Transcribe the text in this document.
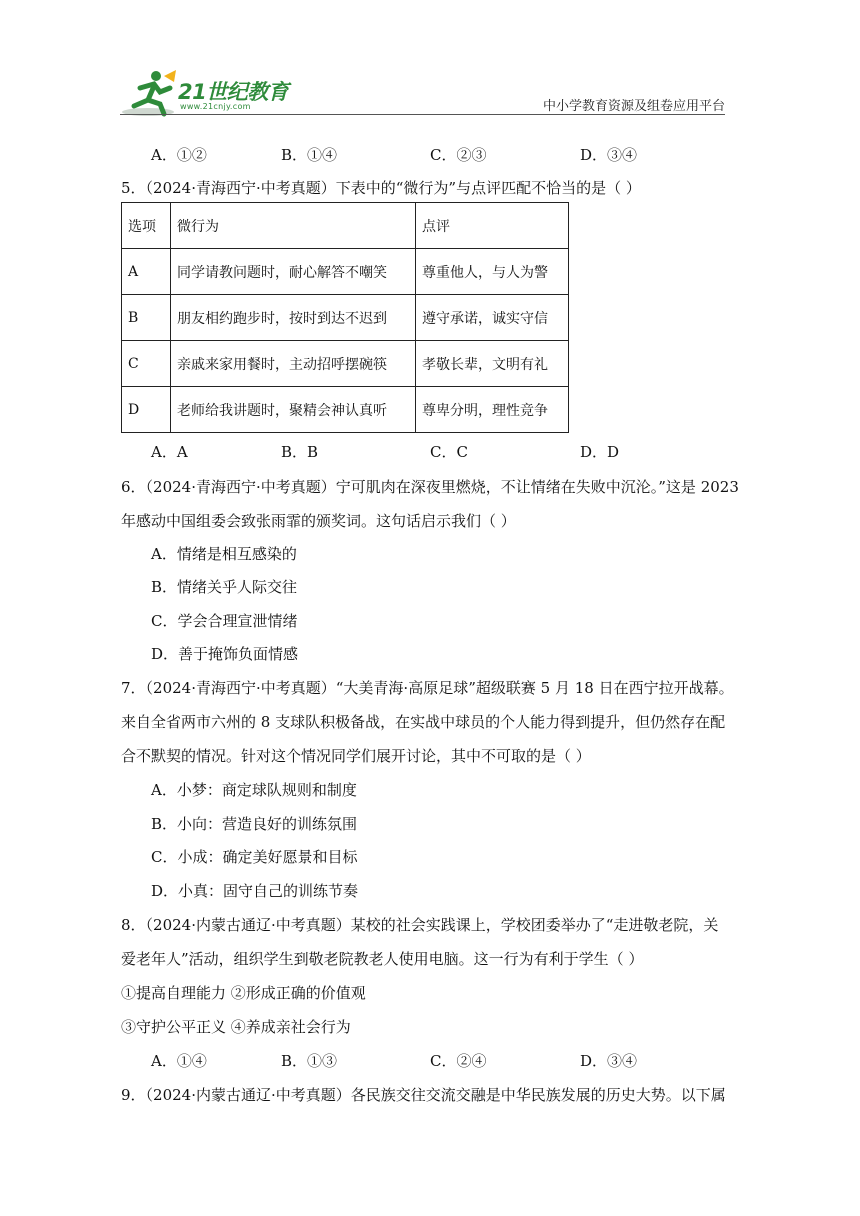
21世纪教育
www.21cnjy.com	中小学教育资源及组卷应用平台
A．①②	B．①④	C．②③	D．③④
5．（2024·青海西宁·中考真题）下表中的“微行为”与点评匹配不恰当的是（ ）
选项	微行为	点评
A	同学请教问题时，耐心解答不嘲笑	尊重他人，与人为警
B	朋友相约跑步时，按时到达不迟到	遵守承诺，诚实守信
C	亲戚来家用餐时，主动招呼摆碗筷	孝敬长辈，文明有礼
D	老师给我讲题时，聚精会神认真听	尊卑分明，理性竞争
A．A	B．B	C．C	D．D
6．（2024·青海西宁·中考真题）宁可肌肉在深夜里燃烧，不让情绪在失败中沉沦。”这是 2023
年感动中国组委会致张雨霏的颁奖词。这句话启示我们（ ）
A．情绪是相互感染的
B．情绪关乎人际交往
C．学会合理宣泄情绪
D．善于掩饰负面情感
7．（2024·青海西宁·中考真题）“大美青海·高原足球”超级联赛 5 月 18 日在西宁拉开战幕。
来自全省两市六州的 8 支球队积极备战，在实战中球员的个人能力得到提升，但仍然存在配
合不默契的情况。针对这个情况同学们展开讨论，其中不可取的是（ ）
A．小梦：商定球队规则和制度
B．小向：营造良好的训练氛围
C．小成：确定美好愿景和目标
D．小真：固守自己的训练节奏
8．（2024·内蒙古通辽·中考真题）某校的社会实践课上，学校团委举办了“走进敬老院，关
爱老年人”活动，组织学生到敬老院教老人使用电脑。这一行为有利于学生（ ）
①提高自理能力 ②形成正确的价值观
③守护公平正义 ④养成亲社会行为
A．①④	B．①③	C．②④	D．③④
9．（2024·内蒙古通辽·中考真题）各民族交往交流交融是中华民族发展的历史大势。以下属
